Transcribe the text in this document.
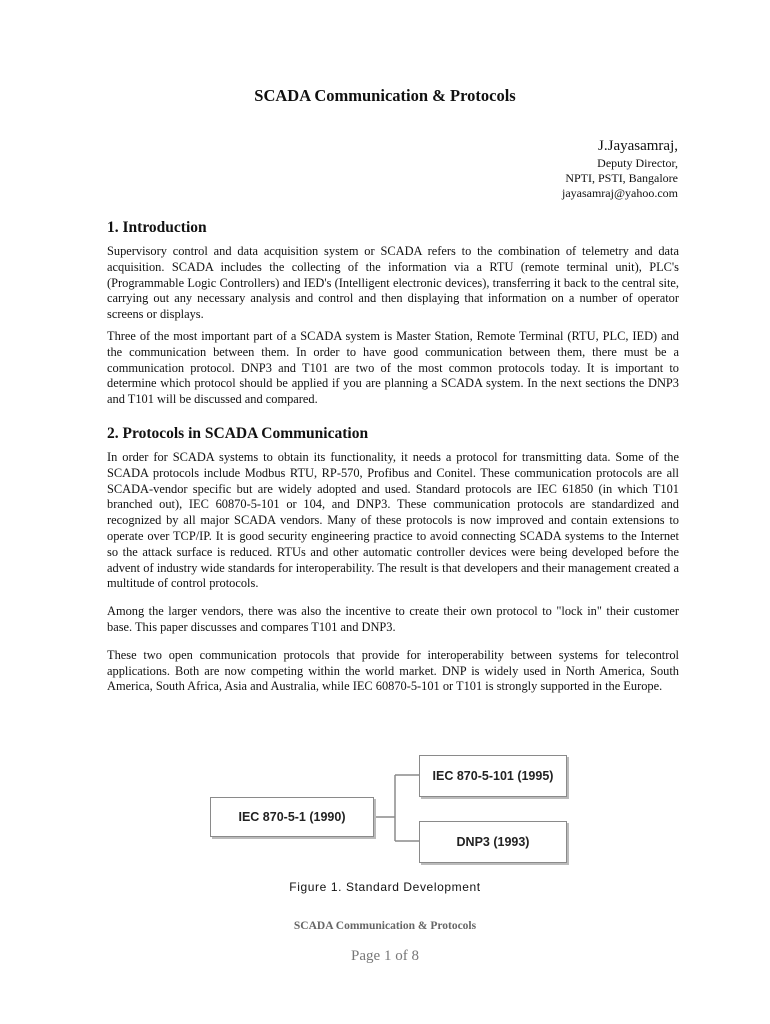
SCADA Communication & Protocols
J.Jayasamraj,
Deputy Director,
NPTI, PSTI, Bangalore
jayasamraj@yahoo.com
1. Introduction

Supervisory control and data acquisition system or SCADA refers to the combination of telemetry and data acquisition. SCADA includes the collecting of the information via a RTU (remote terminal unit), PLC's (Programmable Logic Controllers) and IED's (Intelligent electronic devices), transferring it back to the central site, carrying out any necessary analysis and control and then displaying that information on a number of operator screens or displays.

Three of the most important part of a SCADA system is Master Station, Remote Terminal (RTU, PLC, IED) and the communication between them. In order to have good communication between them, there must be a communication protocol. DNP3 and T101 are two of the most common protocols today. It is important to determine which protocol should be applied if you are planning a SCADA system. In the next sections the DNP3 and T101 will be discussed and compared.

2. Protocols in SCADA Communication

In order for SCADA systems to obtain its functionality, it needs a protocol for transmitting data. Some of the SCADA protocols include Modbus RTU, RP-570, Profibus and Conitel. These communication protocols are all SCADA-vendor specific but are widely adopted and used. Standard protocols are IEC 61850 (in which T101 branched out), IEC 60870-5-101 or 104, and DNP3. These communication protocols are standardized and recognized by all major SCADA vendors. Many of these protocols is now improved and contain extensions to operate over TCP/IP. It is good security engineering practice to avoid connecting SCADA systems to the Internet so the attack surface is reduced. RTUs and other automatic controller devices were being developed before the advent of industry wide standards for interoperability. The result is that developers and their management created a multitude of control protocols.

Among the larger vendors, there was also the incentive to create their own protocol to "lock in" their customer base. This paper discusses and compares T101 and DNP3.

These two open communication protocols that provide for interoperability between systems for telecontrol applications. Both are now competing within the world market. DNP is widely used in North America, South America, South Africa, Asia and Australia, while IEC 60870-5-101 or T101 is strongly supported in the Europe.

IEC 870-5-1 (1990)
IEC 870-5-101 (1995)
DNP3 (1993)
Figure 1. Standard Development
SCADA Communication & Protocols
Page 1 of 8
